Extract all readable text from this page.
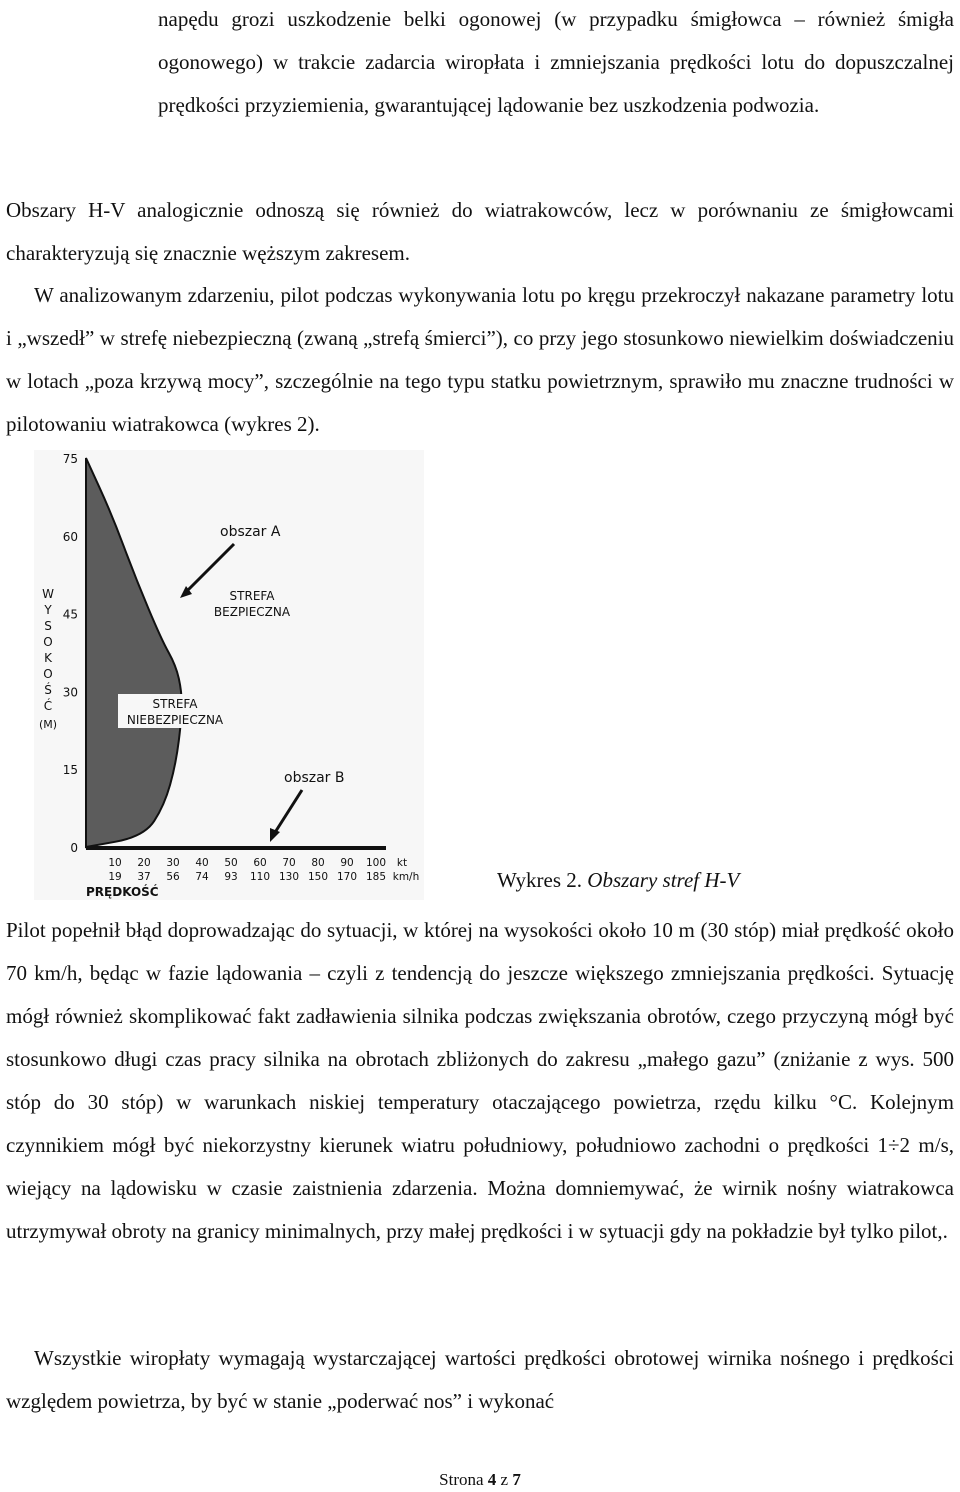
napędu grozi uszkodzenie belki ogonowej (w przypadku śmigłowca – również śmigła ogonowego) w trakcie zadarcia wiropłata i zmniejszania prędkości lotu do dopuszczalnej prędkości przyziemienia, gwarantującej lądowanie bez uszkodzenia podwozia.

Obszary H-V analogicznie odnoszą się również do wiatrakowców, lecz w porównaniu ze śmigłowcami charakteryzują się znacznie węższym zakresem.

W analizowanym zdarzeniu, pilot podczas wykonywania lotu po kręgu przekroczył nakazane parametry lotu i „wszedł” w strefę niebezpieczną (zwaną „strefą śmierci”), co przy jego stosunkowo niewielkim doświadczeniu w lotach „poza krzywą mocy”, szczególnie na tego typu statku powietrznym, sprawiło mu znaczne trudności w pilotowaniu wiatrakowca (wykres 2).

75
60
45
30
15
0
W
Y
S
O
K
O
Ś
Ć
(M)
10
19
20
37
30
56
40
74
50
93
60
110
70
130
80
150
90
170
100
185
kt
km/h
obszar A
STREFA
BEZPIECZNA
STREFA
NIEBEZPIECZNA
obszar B
PRĘDKOŚĆ	Wykres 2. Obszary stref H-V

Pilot popełnił błąd doprowadzając do sytuacji, w której na wysokości około 10 m (30 stóp) miał prędkość około 70 km/h, będąc w fazie lądowania – czyli z tendencją do jeszcze większego zmniejszania prędkości. Sytuację mógł również skomplikować fakt zadławienia silnika podczas zwiększania obrotów, czego przyczyną mógł być stosunkowo długi czas pracy silnika na obrotach zbliżonych do zakresu „małego gazu” (zniżanie z wys. 500 stóp do 30 stóp) w warunkach niskiej temperatury otaczającego powietrza, rzędu kilku °C. Kolejnym czynnikiem mógł być niekorzystny kierunek wiatru południowy, południowo zachodni o prędkości 1÷2 m/s, wiejący na lądowisku w czasie zaistnienia zdarzenia. Można domniemywać, że wirnik nośny wiatrakowca utrzymywał obroty na granicy minimalnych, przy małej prędkości i w sytuacji gdy na pokładzie był tylko pilot,.

Wszystkie wiropłaty wymagają wystarczającej wartości prędkości obrotowej wirnika nośnego i prędkości względem powietrza, by być w stanie „poderwać nos” i wykonać

Strona 4 z 7
